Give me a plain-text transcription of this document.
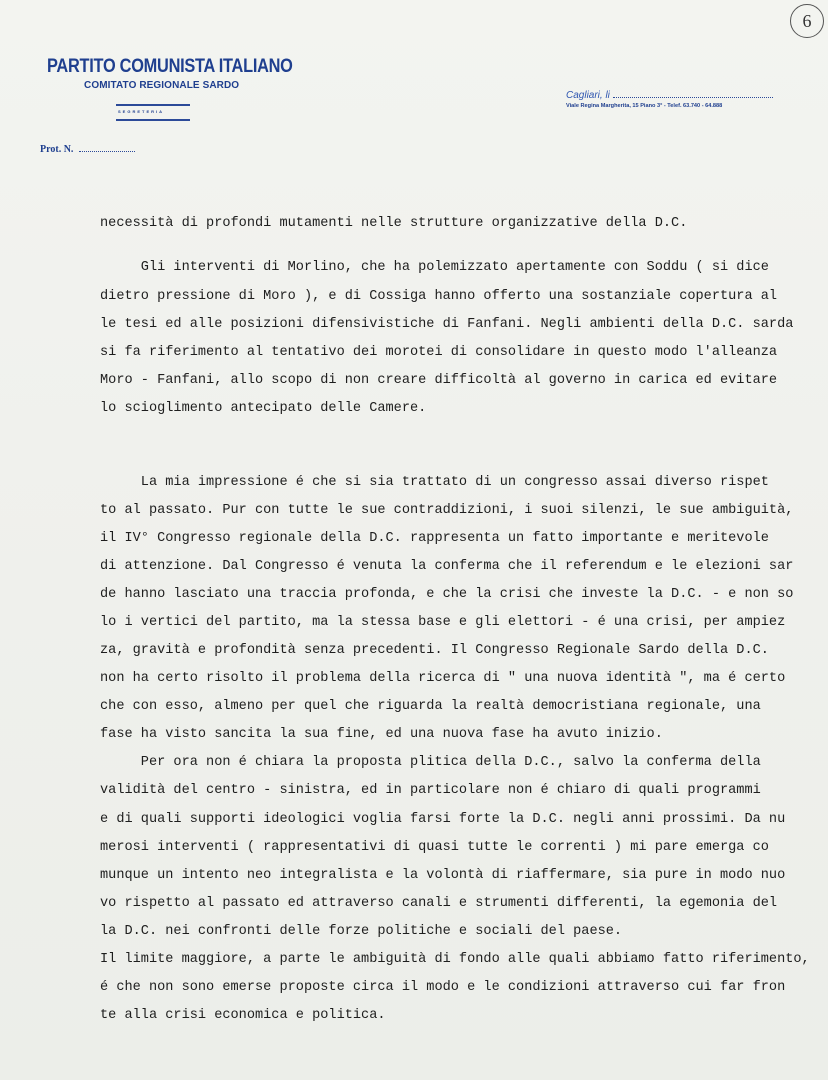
6
PARTITO COMUNISTA ITALIANO
COMITATO REGIONALE SARDO
SEGRETERIA
Prot. N.
Cagliari, li
Viale Regina Margherita, 15 Piano 3° - Telef. 63.740 - 64.888
necessità di profondi mutamenti nelle strutture organizzative della D.C.
Gli interventi di Morlino, che ha polemizzato apertamente con Soddu ( si dice
dietro pressione di Moro ), e di Cossiga hanno offerto una sostanziale copertura al
le tesi ed alle posizioni difensivistiche di Fanfani. Negli ambienti della D.C. sarda
si fa riferimento al tentativo dei morotei di consolidare in questo modo l'alleanza
Moro - Fanfani, allo scopo di non creare difficoltà al governo in carica ed evitare
lo scioglimento antecipato delle Camere.
La mia impressione é che si sia trattato di un congresso assai diverso rispet
to al passato. Pur con tutte le sue contraddizioni, i suoi silenzi, le sue ambiguità,
il IV° Congresso regionale della D.C. rappresenta un fatto importante e meritevole
di attenzione. Dal Congresso é venuta la conferma che il referendum e le elezioni sar
de hanno lasciato una traccia profonda, e che la crisi che investe la D.C. - e non so
lo i vertici del partito, ma la stessa base e gli elettori - é una crisi, per ampiez
za, gravità e profondità senza precedenti. Il Congresso Regionale Sardo della D.C.
non ha certo risolto il problema della ricerca di " una nuova identità ", ma é certo
che con esso, almeno per quel che riguarda la realtà democristiana regionale, una
fase ha visto sancita la sua fine, ed una nuova fase ha avuto inizio.
Per ora non é chiara la proposta plitica della D.C., salvo la conferma della
validità del centro - sinistra, ed in particolare non é chiaro di quali programmi
e di quali supporti ideologici voglia farsi forte la D.C. negli anni prossimi. Da nu
merosi interventi ( rappresentativi di quasi tutte le correnti ) mi pare emerga co
munque un intento neo integralista e la volontà di riaffermare, sia pure in modo nuo
vo rispetto al passato ed attraverso canali e strumenti differenti, la egemonia del
la D.C. nei confronti delle forze politiche e sociali del paese.
Il limite maggiore, a parte le ambiguità di fondo alle quali abbiamo fatto riferimento,
é che non sono emerse proposte circa il modo e le condizioni attraverso cui far fron
te alla crisi economica e politica.
